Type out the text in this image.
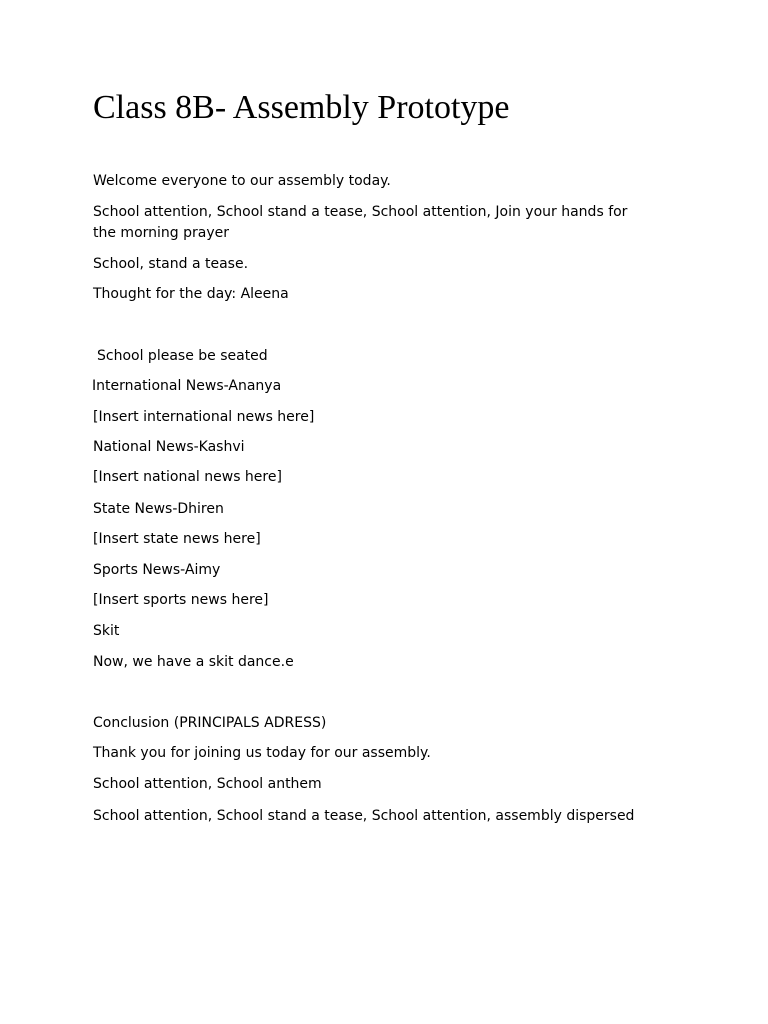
Class 8B- Assembly Prototype

Welcome everyone to our assembly today.

School attention, School stand a tease, School attention, Join your hands for the morning prayer

School, stand a tease.

Thought for the day: Aleena

School please be seated

International News-Ananya

[Insert international news here]

National News-Kashvi

[Insert national news here]

State News-Dhiren

[Insert state news here]

Sports News-Aimy

[Insert sports news here]

Skit

Now, we have a skit dance.e

Conclusion (PRINCIPALS ADRESS)

Thank you for joining us today for our assembly.

School attention, School anthem

School attention, School stand a tease, School attention, assembly dispersed
